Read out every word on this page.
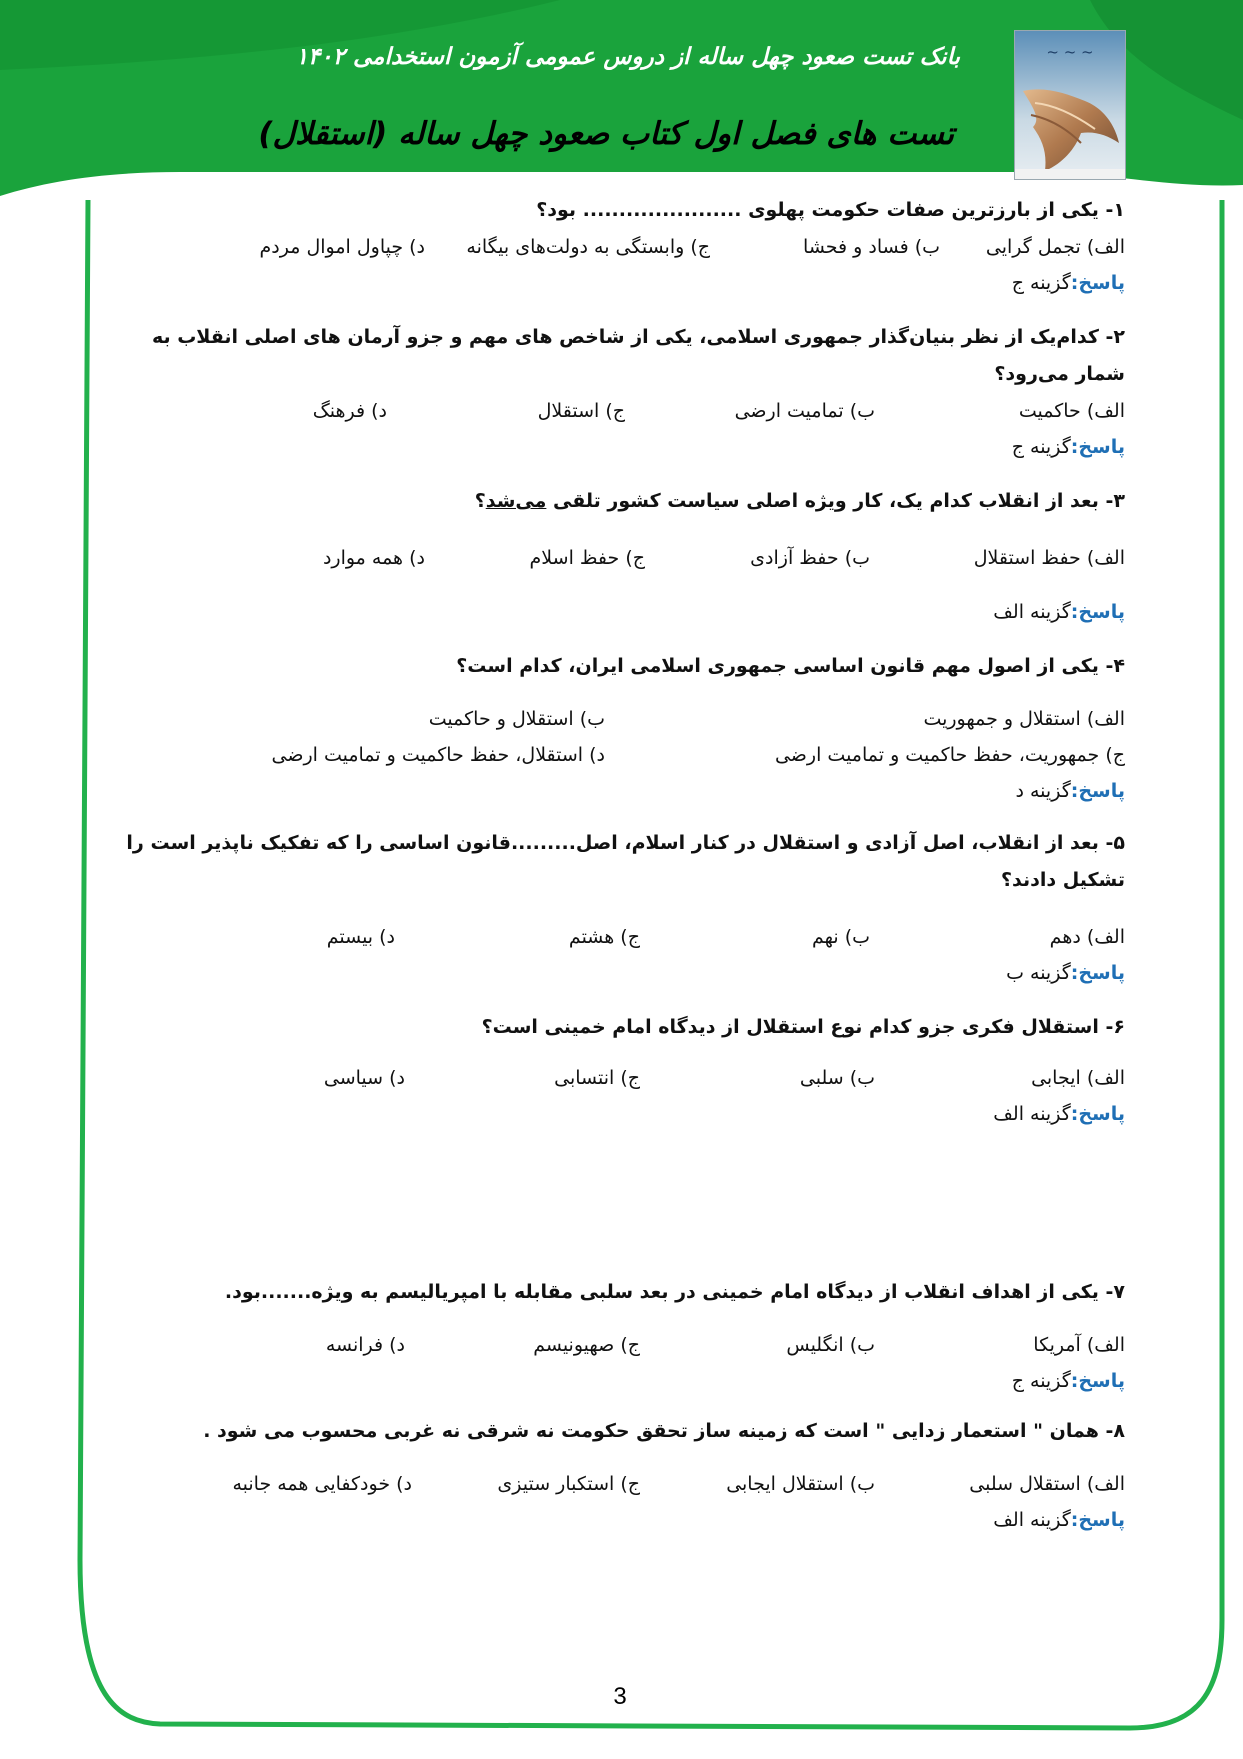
بانک تست صعود چهل ساله از دروس عمومی آزمون استخدامی ۱۴۰۲
تست های فصل اول کتاب صعود چهل ساله (استقلال)
~ ~ ~
۱- یکی از بارزترین صفات حکومت پهلوی ...................... بود؟
الف) تجمل گرایی
ب) فساد و فحشا
ج) وابستگی به دولت‌های بیگانه
د) چپاول اموال مردم
پاسخ:گزینه ج
۲- کدام‌یک از نظر بنیان‌گذار جمهوری اسلامی، یکی از شاخص های مهم و جزو آرمان های اصلی انقلاب به شمار می‌رود؟
الف) حاکمیت
ب) تمامیت ارضی
ج) استقلال
د) فرهنگ
پاسخ:گزینه ج
۳- بعد از انقلاب کدام یک، کار ویژه اصلی سیاست کشور تلقی می‌شد؟
الف) حفظ استقلال
ب) حفظ آزادی
ج) حفظ اسلام
د) همه موارد
پاسخ:گزینه الف
۴- یکی از اصول مهم قانون اساسی جمهوری اسلامی ایران، کدام است؟
الف) استقلال و جمهوریت
ب) استقلال و حاکمیت
ج) جمهوریت، حفظ حاکمیت و تمامیت ارضی
د) استقلال، حفظ حاکمیت و تمامیت ارضی
پاسخ:گزینه د
۵- بعد از انقلاب، اصل آزادی و استقلال در کنار اسلام، اصل.........قانون اساسی را که تفکیک ناپذیر است را تشکیل دادند؟
الف) دهم
ب) نهم
ج) هشتم
د) بیستم
پاسخ:گزینه ب
۶- استقلال فکری جزو کدام نوع استقلال از دیدگاه امام خمینی است؟
الف) ایجابی
ب) سلبی
ج) انتسابی
د) سیاسی
پاسخ:گزینه الف
۷- یکی از اهداف انقلاب از دیدگاه امام خمینی در بعد سلبی مقابله با امپریالیسم به ویژه.......بود.
الف) آمریکا
ب) انگلیس
ج) صهیونیسم
د) فرانسه
پاسخ:گزینه ج
۸- همان " استعمار زدایی " است که زمینه ساز تحقق حکومت نه شرقی نه غربی محسوب می شود .
الف) استقلال سلبی
ب) استقلال ایجابی
ج) استکبار ستیزی
د) خودکفایی همه جانبه
پاسخ:گزینه الف
3
